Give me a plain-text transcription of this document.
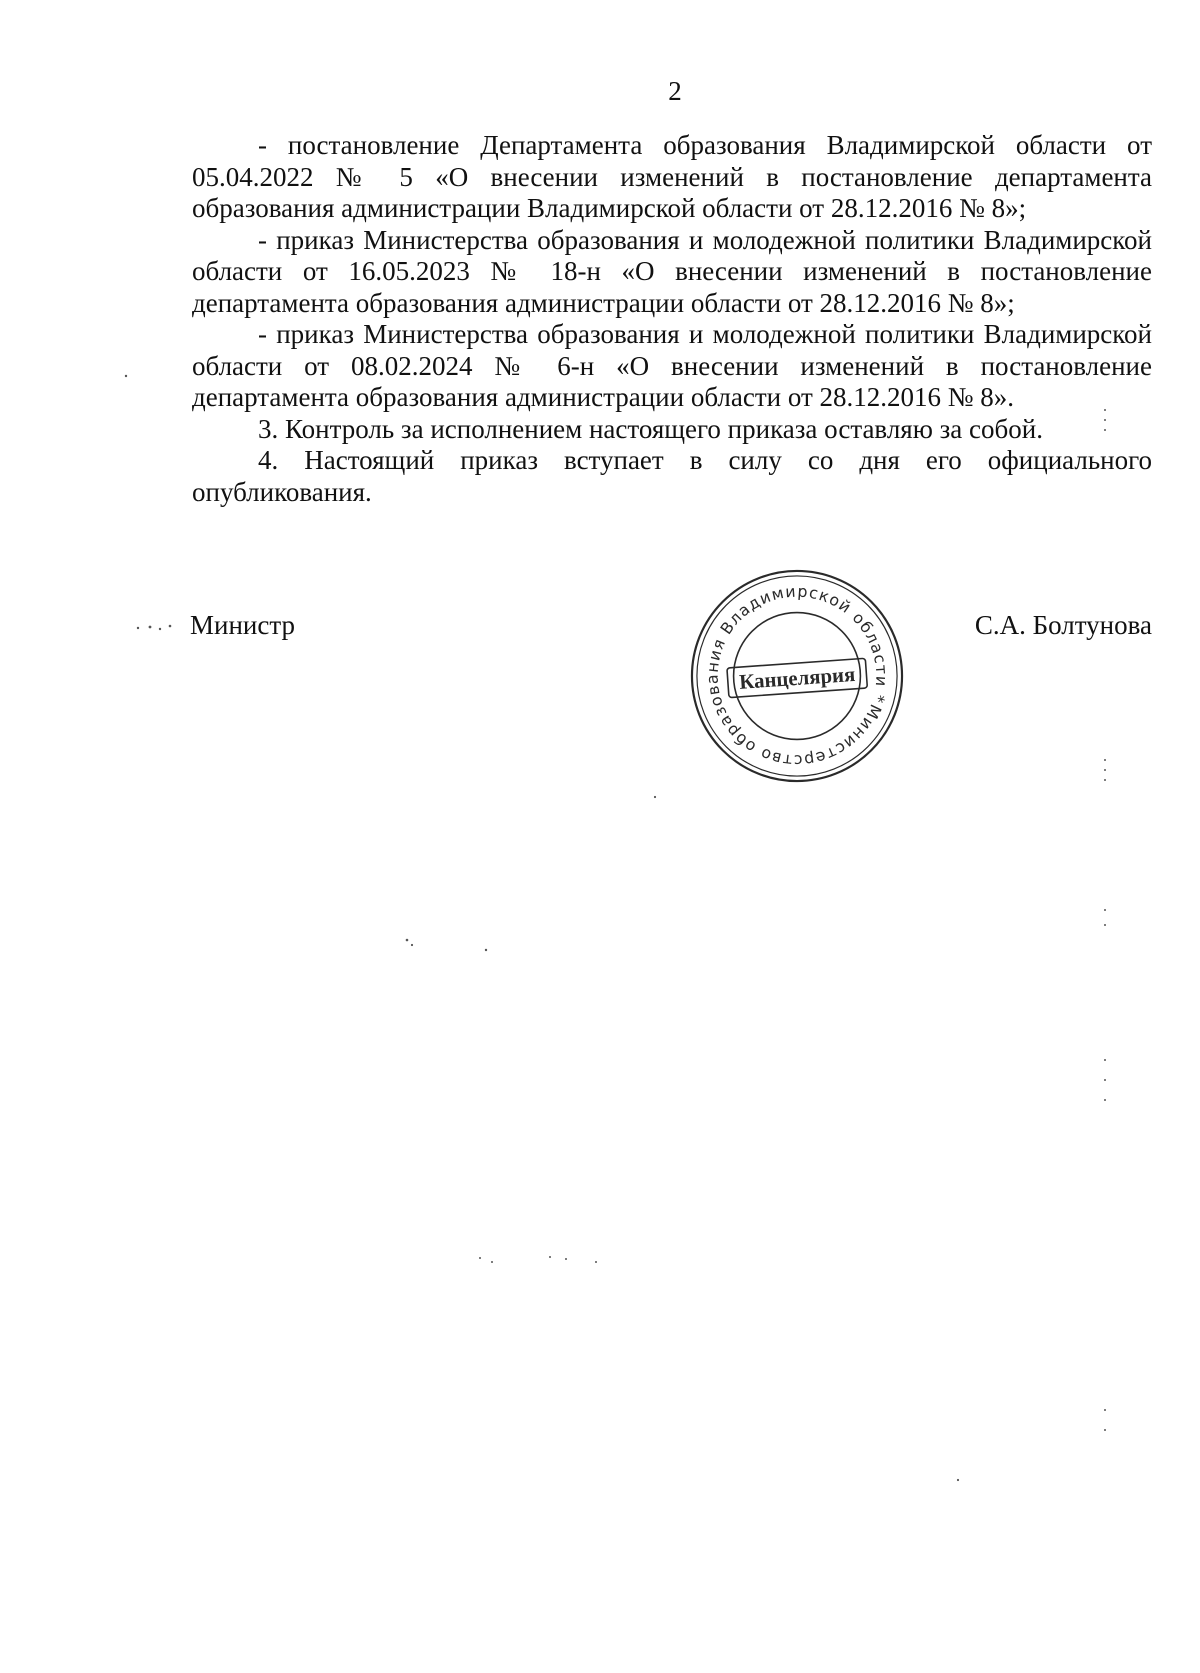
2

- постановление Департамента образования Владимирской области от 05.04.2022 № 5 «О внесении изменений в постановление департамента образования администрации Владимирской области от 28.12.2016 № 8»;

- приказ Министерства образования и молодежной политики Владимирской области от 16.05.2023 № 18-н «О внесении изменений в постановление департамента образования администрации области от 28.12.2016 № 8»;

- приказ Министерства образования и молодежной политики Владимирской области от 08.02.2024 № 6-н «О внесении изменений в постановление департамента образования администрации области от 28.12.2016 № 8».

3. Контроль за исполнением настоящего приказа оставляю за собой.

4. Настоящий приказ вступает в силу со дня его официального опубликования.

Министр	С.А. Болтунова
Министерство образования Владимирской области *
Канцелярия
